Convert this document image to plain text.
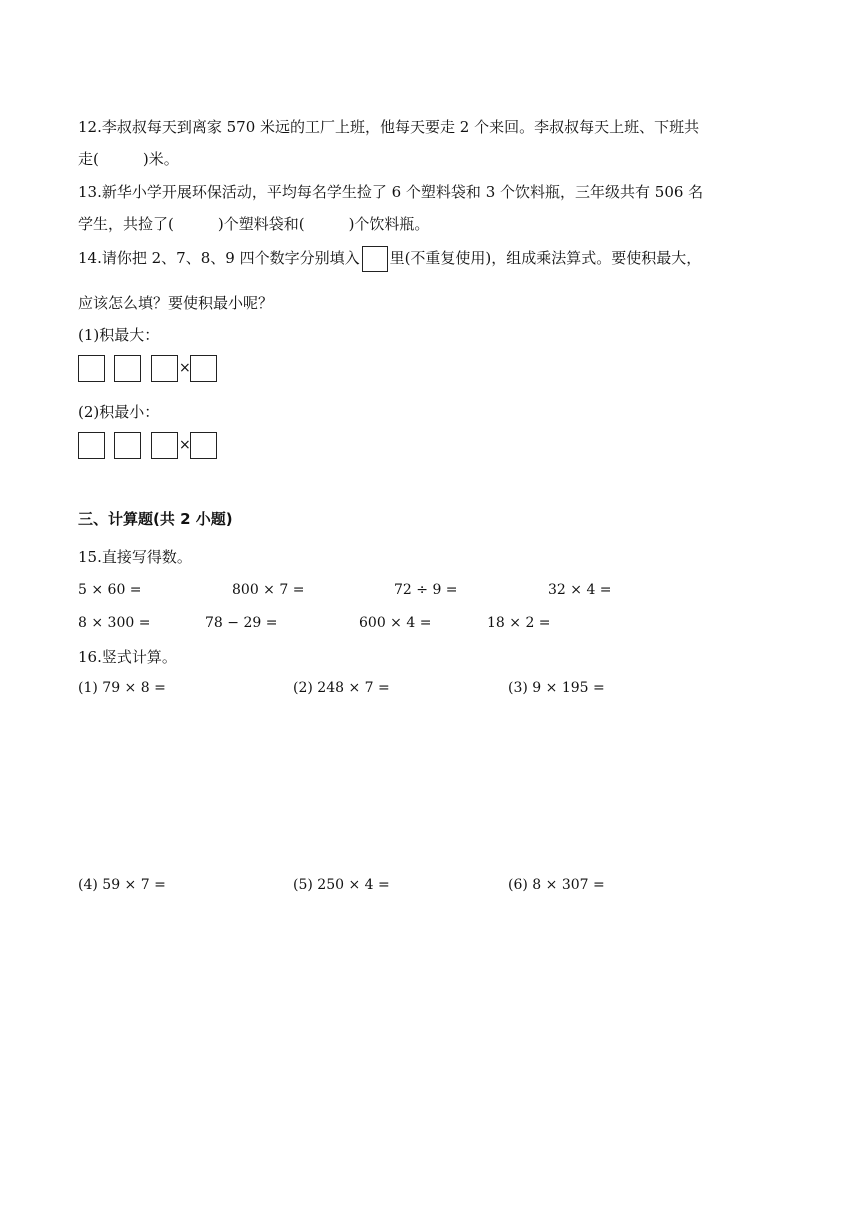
12.李叔叔每天到离家 570 米远的工厂上班，他每天要走 2 个来回。李叔叔每天上班、下班共
走(	)米。
13.新华小学开展环保活动，平均每名学生捡了 6 个塑料袋和 3 个饮料瓶，三年级共有 506 名
学生，共捡了(	)个塑料袋和(	)个饮料瓶。
14.请你把 2、7、8、9 四个数字分别填入 里(不重复使用)，组成乘法算式。要使积最大，
应该怎么填？要使积最小呢？
(1)积最大：
×
(2)积最小：
×
三、计算题(共 2 小题)
15.直接写得数。
5 × 60 =	800 × 7 =	72 ÷ 9 =	32 × 4 =
8 × 300 =	78 − 29 =	600 × 4 =	18 × 2 =
16.竖式计算。
(1) 79 × 8 =	(2) 248 × 7 =	(3) 9 × 195 =
(4) 59 × 7 =	(5) 250 × 4 =	(6) 8 × 307 =
